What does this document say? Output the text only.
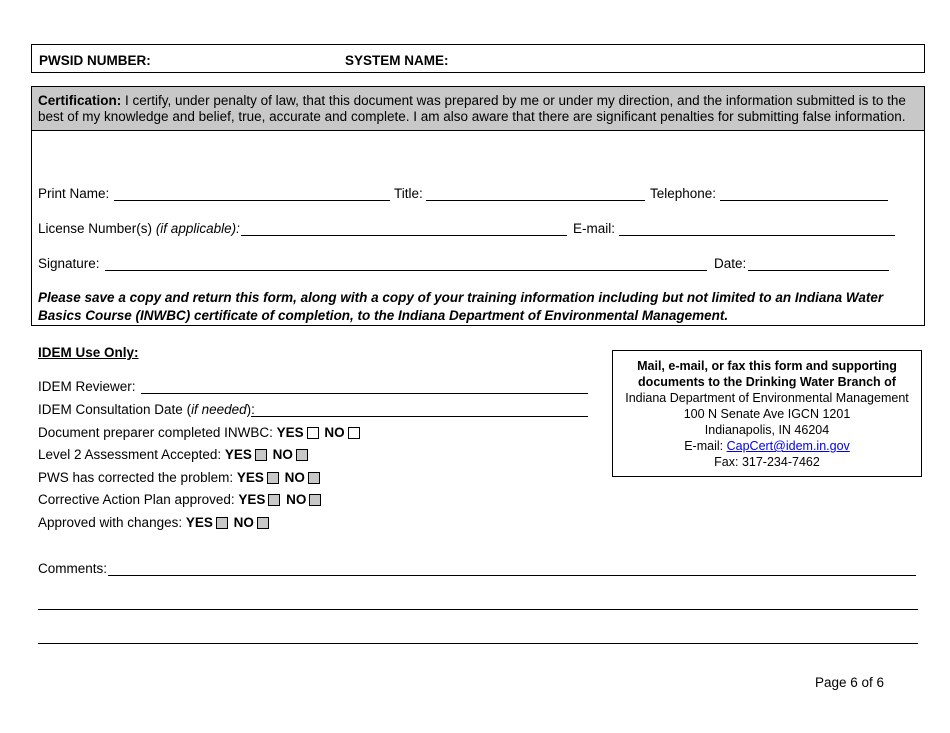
PWSID NUMBER:	SYSTEM NAME:
Certification: I certify, under penalty of law, that this document was prepared by me or under my direction, and the information submitted is to the best of my knowledge and belief, true, accurate and complete. I am also aware that there are significant penalties for submitting false information.
Print Name:	Title:	Telephone:
License Number(s) (if applicable):	E-mail:
Signature:	Date:
Please save a copy and return this form, along with a copy of your training information including but not limited to an Indiana Water Basics Course (INWBC) certificate of completion, to the Indiana Department of Environmental Management.
IDEM Use Only:
IDEM Reviewer:
IDEM Consultation Date (if needed):
Document preparer completed INWBC: YES NO
Level 2 Assessment Accepted: YES NO
PWS has corrected the problem: YES NO
Corrective Action Plan approved: YES NO
Approved with changes: YES NO
Mail, e-mail, or fax this form and supporting
documents to the Drinking Water Branch of
Indiana Department of Environmental Management
100 N Senate Ave IGCN 1201
Indianapolis, IN 46204
E-mail: CapCert@idem.in.gov
Fax: 317-234-7462
Comments:
Page 6 of 6
